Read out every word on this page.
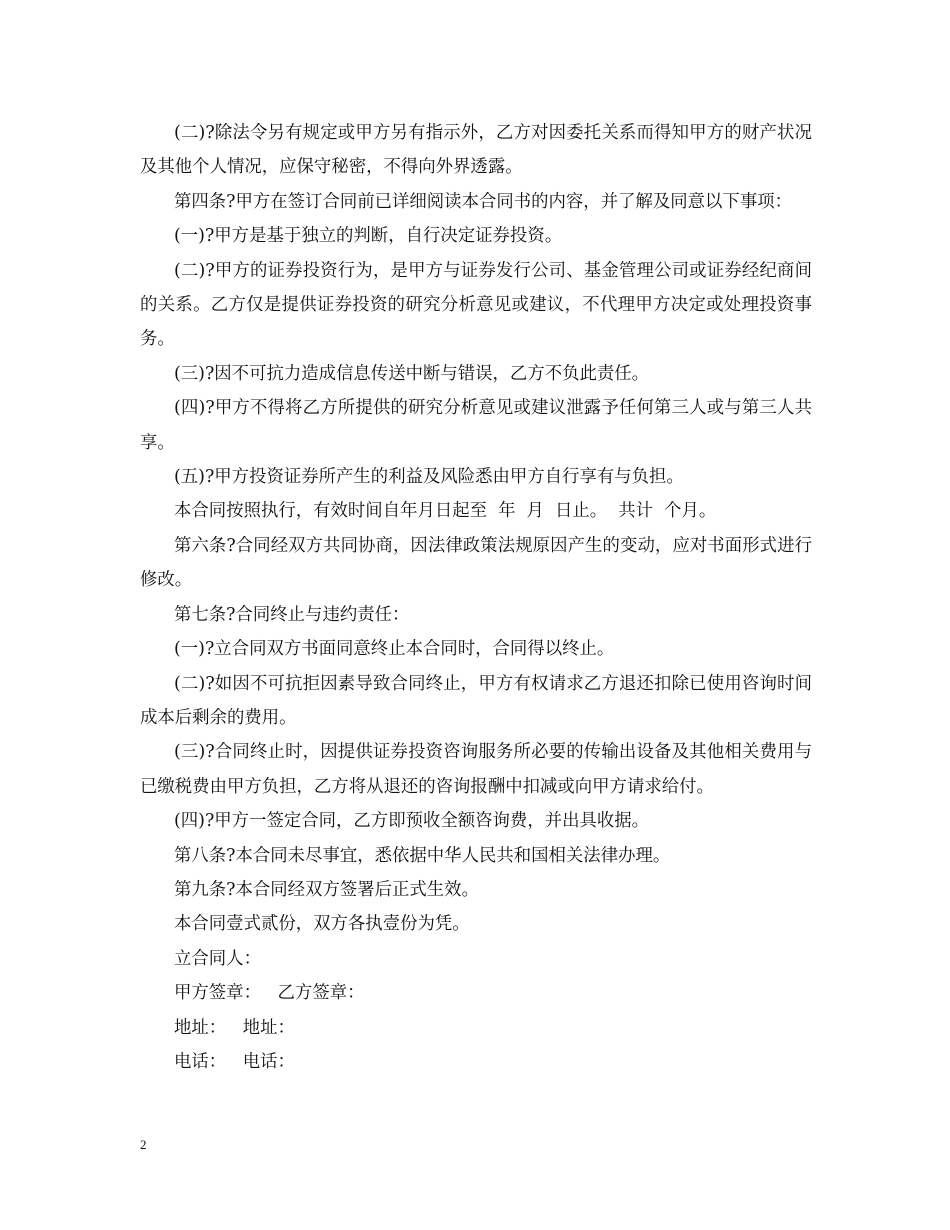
(二)?除法令另有规定或甲方另有指示外，乙方对因委托关系而得知甲方的财产状况及其他个人情况，应保守秘密，不得向外界透露。

第四条?甲方在签订合同前已详细阅读本合同书的内容，并了解及同意以下事项：

(一)?甲方是基于独立的判断，自行决定证券投资。

(二)?甲方的证券投资行为，是甲方与证券发行公司、基金管理公司或证券经纪商间的关系。乙方仅是提供证券投资的研究分析意见或建议，不代理甲方决定或处理投资事务。

(三)?因不可抗力造成信息传送中断与错误，乙方不负此责任。

(四)?甲方不得将乙方所提供的研究分析意见或建议泄露予任何第三人或与第三人共享。

(五)?甲方投资证券所产生的利益及风险悉由甲方自行享有与负担。

本合同按照执行，有效时间自年月日起至  年  月  日止。  共计  个月。

第六条?合同经双方共同协商，因法律政策法规原因产生的变动，应对书面形式进行修改。

第七条?合同终止与违约责任：

(一)?立合同双方书面同意终止本合同时，合同得以终止。

(二)?如因不可抗拒因素导致合同终止，甲方有权请求乙方退还扣除已使用咨询时间成本后剩余的费用。

(三)?合同终止时，因提供证券投资咨询服务所必要的传输出设备及其他相关费用与已缴税费由甲方负担，乙方将从退还的咨询报酬中扣减或向甲方请求给付。

(四)?甲方一签定合同，乙方即预收全额咨询费，并出具收据。

第八条?本合同未尽事宜，悉依据中华人民共和国相关法律办理。

第九条?本合同经双方签署后正式生效。

本合同壹式贰份，双方各执壹份为凭。

立合同人：

甲方签章：   乙方签章：

地址：   地址：

电话：   电话：

2
